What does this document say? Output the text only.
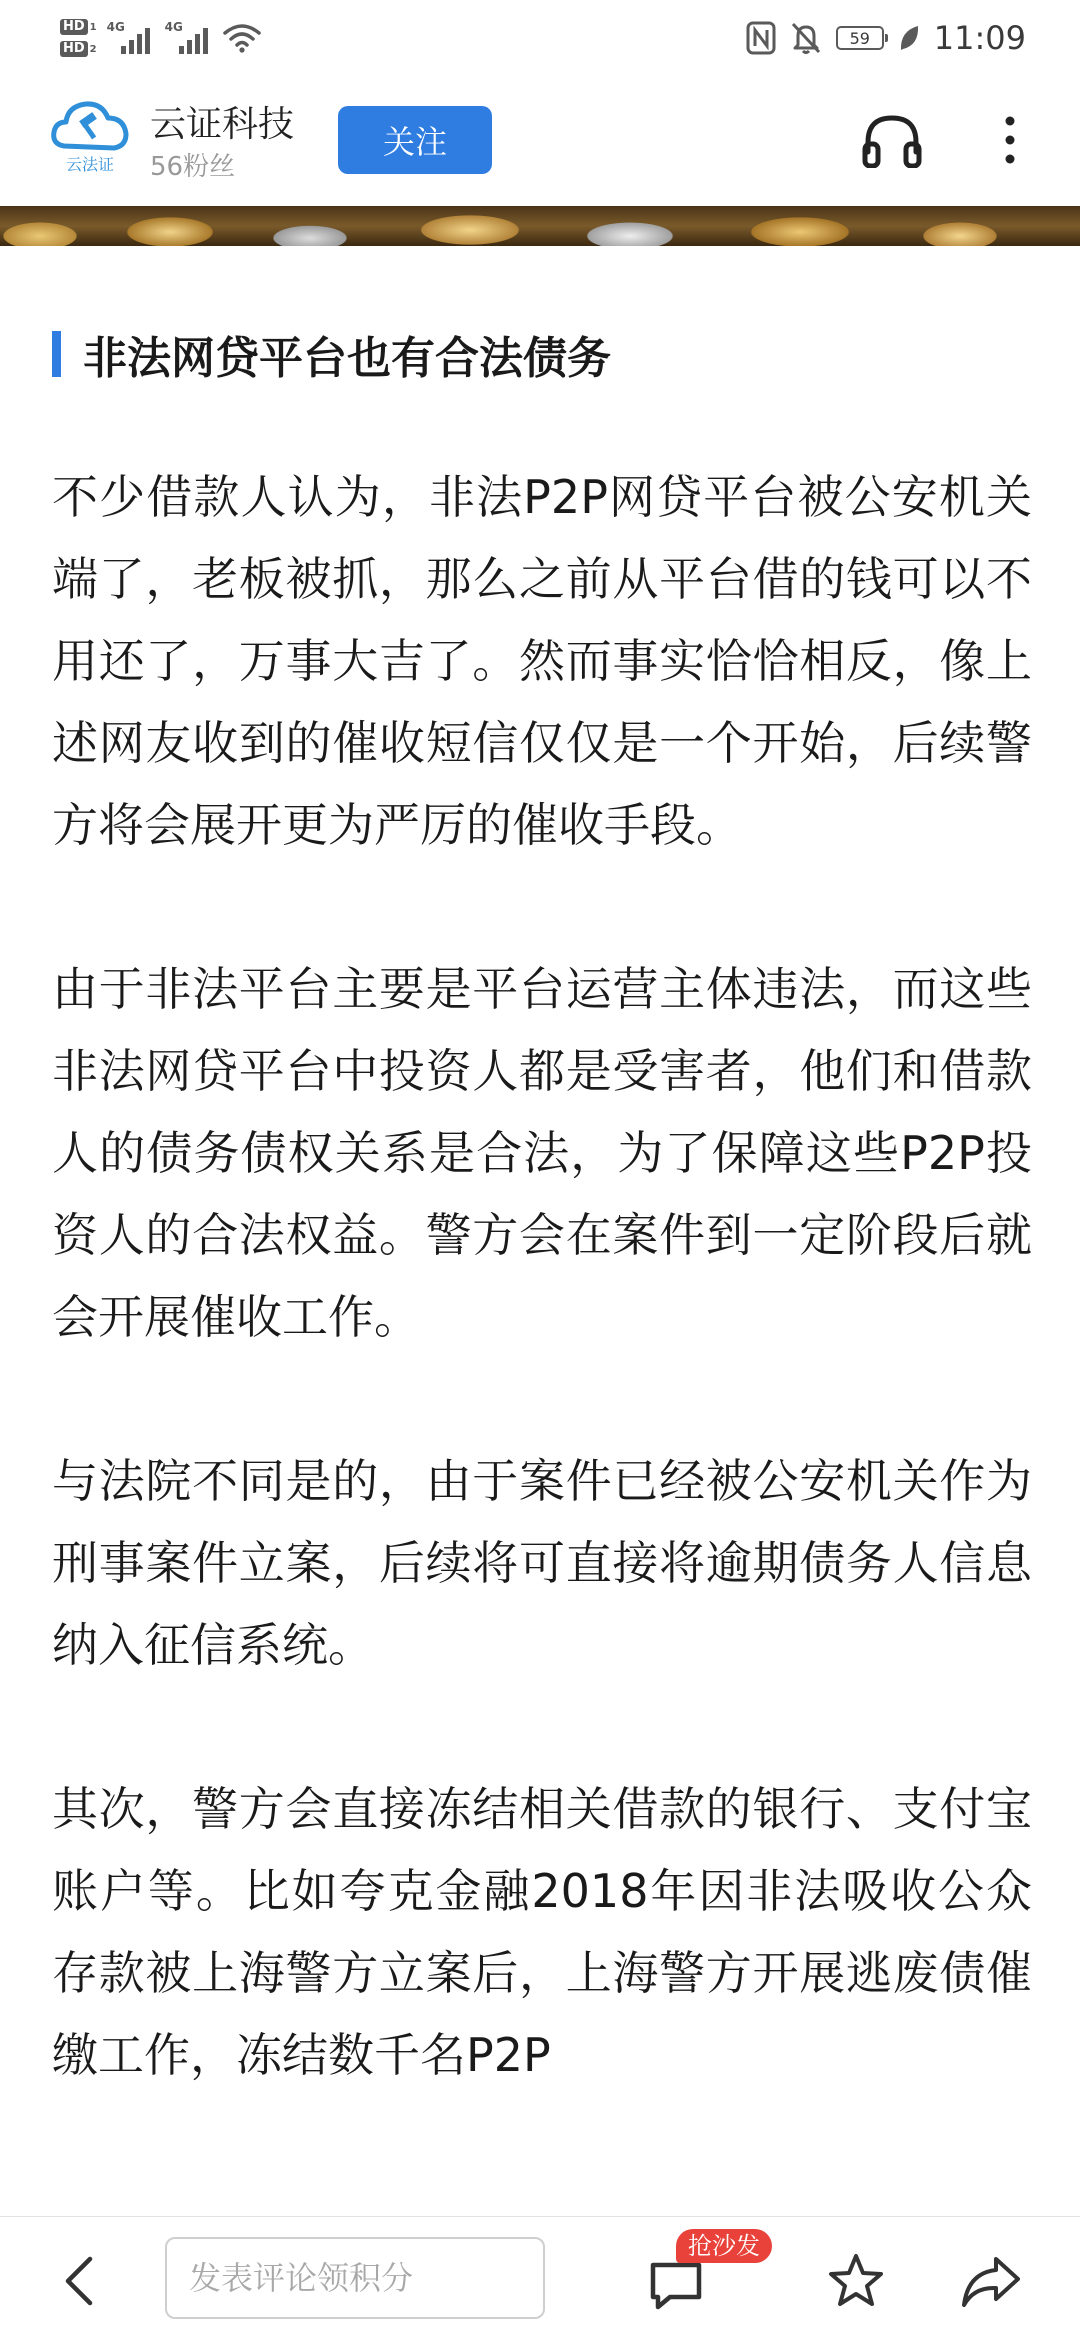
HD 1
HD 2
4G	4G
59 11:09
云法证
云证科技
56粉丝
关注
非法网贷平台也有合法债务

不少借款人认为，非法P2P网贷平台被公安机关端了，老板被抓，那么之前从平台借的钱可以不用还了，万事大吉了。然而事实恰恰相反，像上述网友收到的催收短信仅仅是一个开始，后续警方将会展开更为严厉的催收手段。

由于非法平台主要是平台运营主体违法，而这些非法网贷平台中投资人都是受害者，他们和借款人的债务债权关系是合法，为了保障这些P2P投资人的合法权益。警方会在案件到一定阶段后就会开展催收工作。

与法院不同是的，由于案件已经被公安机关作为刑事案件立案，后续将可直接将逾期债务人信息纳入征信系统。

其次，警方会直接冻结相关借款的银行、支付宝账户等。比如夸克金融2018年因非法吸收公众存款被上海警方立案后，上海警方开展逃废债催缴工作，冻结数千名P2P

发表评论领积分
抢沙发
